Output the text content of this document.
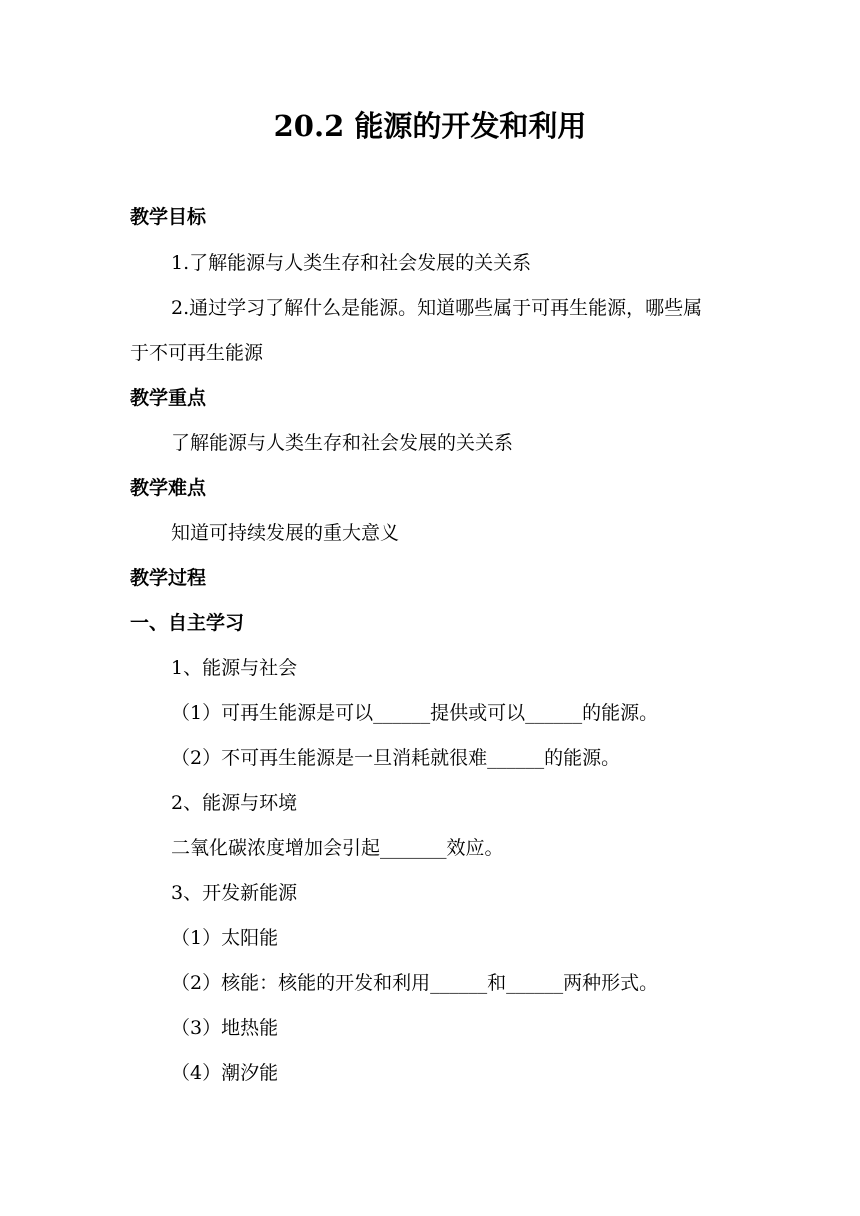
20.2 能源的开发和利用
教学目标
1.了解能源与人类生存和社会发展的关关系
2.通过学习了解什么是能源。知道哪些属于可再生能源，哪些属
于不可再生能源
教学重点
了解能源与人类生存和社会发展的关关系
教学难点
知道可持续发展的重大意义
教学过程
一、自主学习
1、能源与社会
（1）可再生能源是可以______提供或可以______的能源。
（2）不可再生能源是一旦消耗就很难______的能源。
2、能源与环境
二氧化碳浓度增加会引起_______效应。
3、开发新能源
（1）太阳能
（2）核能：核能的开发和利用______和______两种形式。
（3）地热能
（4）潮汐能
